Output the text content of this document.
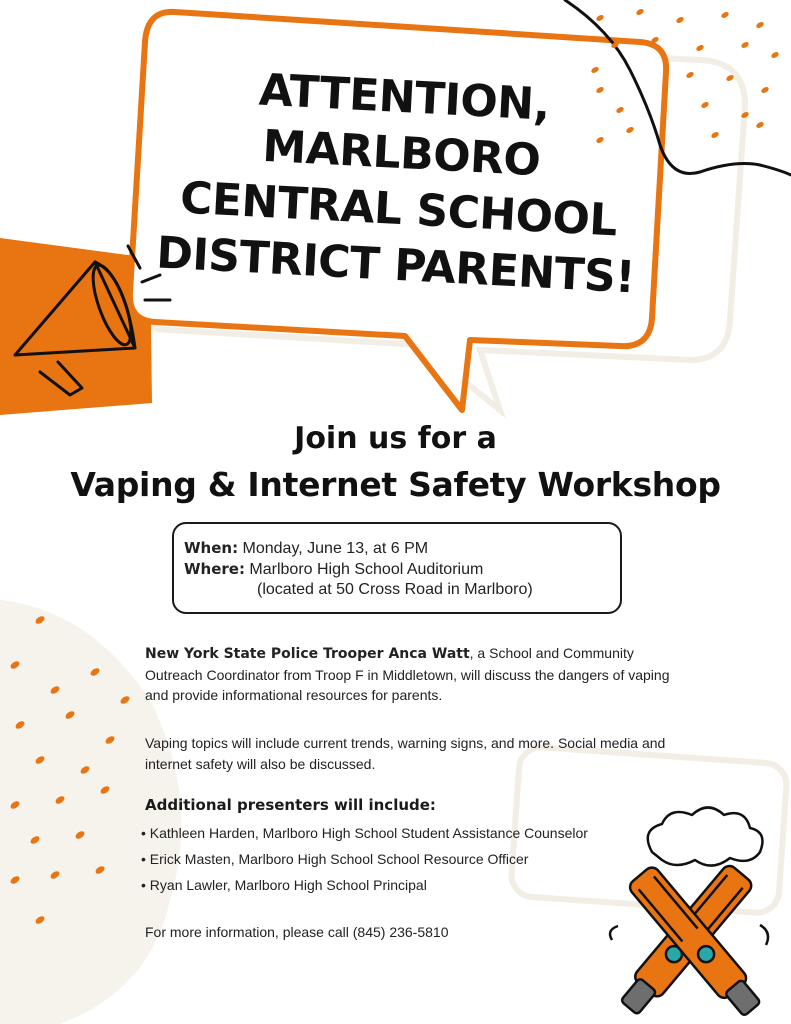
ATTENTION,
MARLBORO
CENTRAL SCHOOL
DISTRICT PARENTS!
Join us for a
Vaping & Internet Safety Workshop
When: Monday, June 13, at 6 PM
Where: Marlboro High School Auditorium
(located at 50 Cross Road in Marlboro)
New York State Police Trooper Anca Watt, a School and Community Outreach Coordinator from Troop F in Middletown, will discuss the dangers of vaping and provide informational resources for parents.
Vaping topics will include current trends, warning signs, and more. Social media and internet safety will also be discussed.
Additional presenters will include:
• Kathleen Harden, Marlboro High School Student Assistance Counselor
• Erick Masten, Marlboro High School School Resource Officer
• Ryan Lawler, Marlboro High School Principal
For more information, please call (845) 236-5810
